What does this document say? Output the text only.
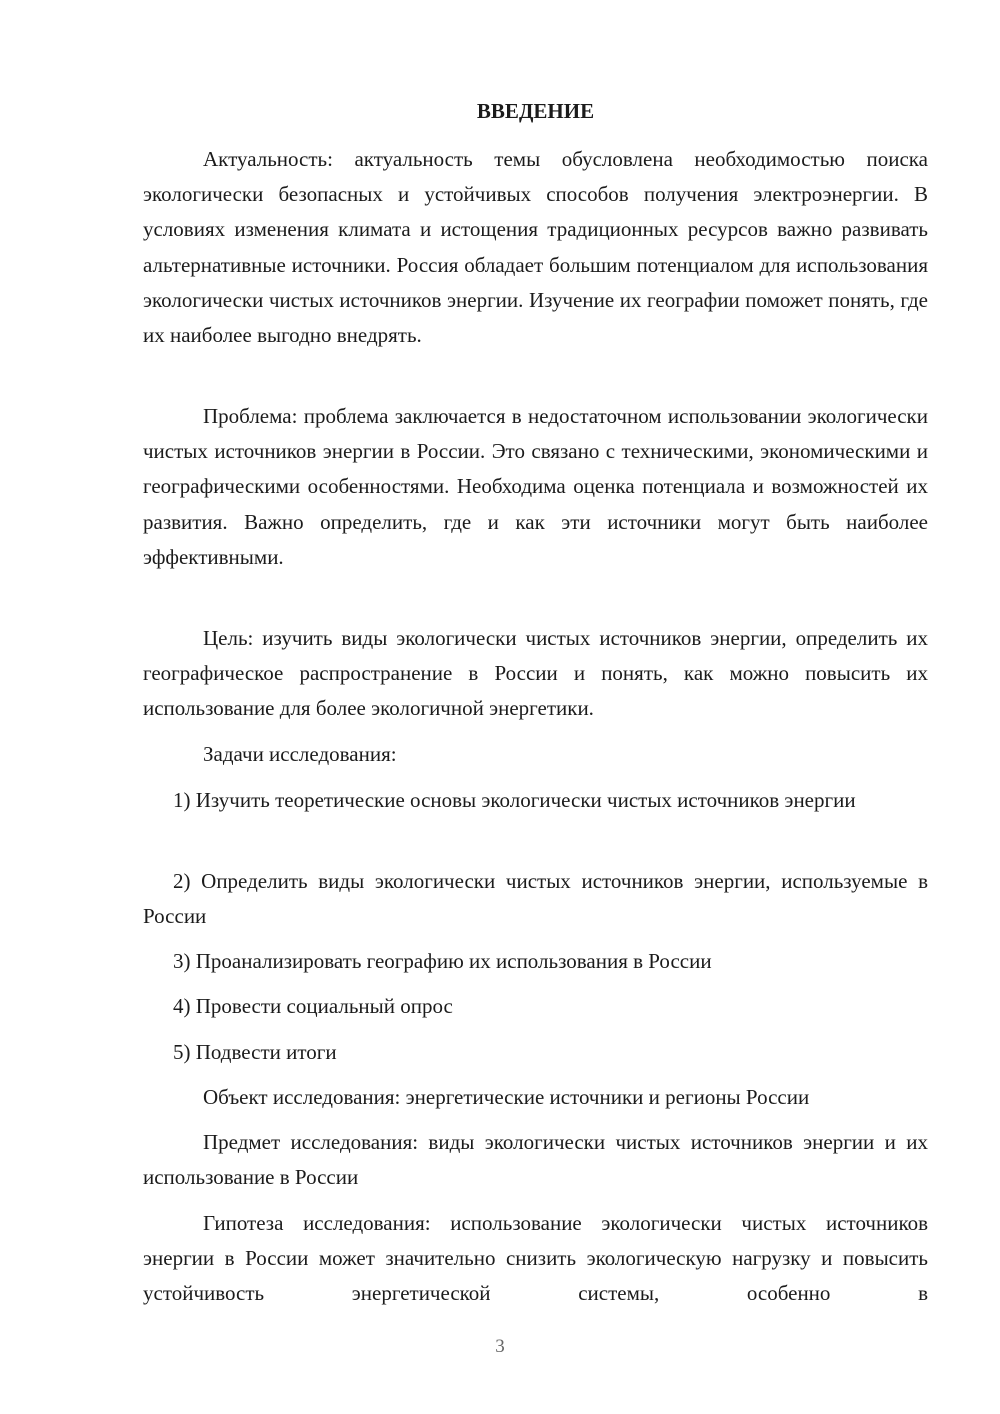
ВВЕДЕНИЕ
Актуальность: актуальность темы обусловлена необходимостью поиска экологически безопасных и устойчивых способов получения электроэнергии. В условиях изменения климата и истощения традиционных ресурсов важно развивать альтернативные источники. Россия обладает большим потенциалом для использования экологически чистых источников энергии. Изучение их географии поможет понять, где их наиболее выгодно внедрять.
Проблема: проблема заключается в недостаточном использовании экологически чистых источников энергии в России. Это связано с техническими, экономическими и географическими особенностями. Необходима оценка потенциала и возможностей их развития. Важно определить, где и как эти источники могут быть наиболее эффективными.
Цель: изучить виды экологически чистых источников энергии, определить их географическое распространение в России и понять, как можно повысить их использование для более экологичной энергетики.
Задачи исследования:
1) Изучить теоретические основы экологически чистых источников энергии
2) Определить виды экологически чистых источников энергии, используемые в России
3) Проанализировать географию их использования в России
4) Провести социальный опрос
5) Подвести итоги
Объект исследования: энергетические источники и регионы России
Предмет исследования: виды экологически чистых источников энергии и их использование в России
Гипотеза исследования: использование экологически чистых источников энергии в России может значительно снизить экологическую нагрузку и повысить устойчивость энергетической системы, особенно в
3
